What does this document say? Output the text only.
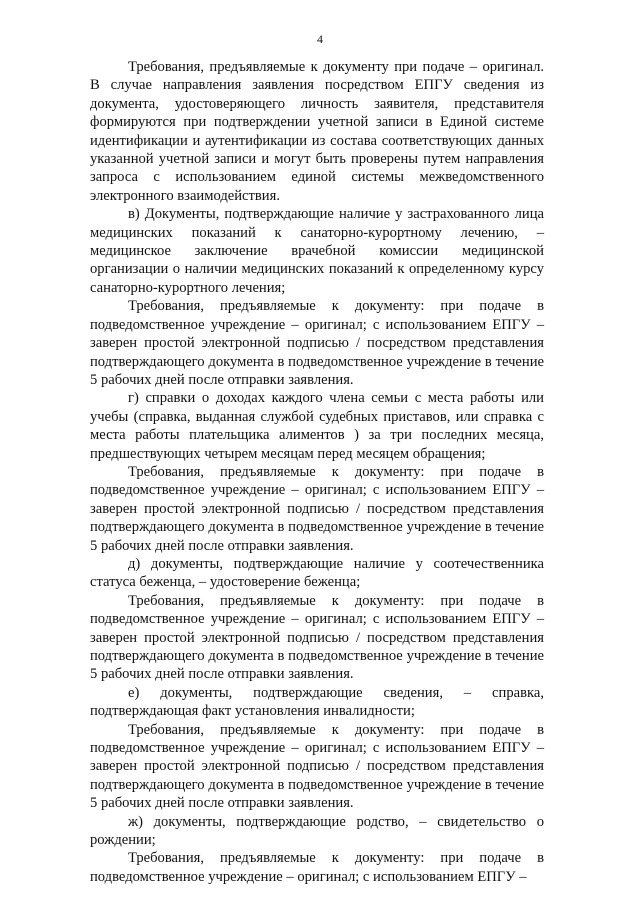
4

Требования, предъявляемые к документу при подаче – оригинал. В случае направления заявления посредством ЕПГУ сведения из документа, удостоверяющего личность заявителя, представителя формируются при подтверждении учетной записи в Единой системе идентификации и аутентификации из состава соответствующих данных указанной учетной записи и могут быть проверены путем направления запроса с использованием единой системы межведомственного электронного взаимодействия.

в) Документы, подтверждающие наличие у застрахованного лица медицинских показаний к санаторно-курортному лечению, – медицинское заключение врачебной комиссии медицинской организации о наличии медицинских показаний к определенному курсу санаторно-курортного лечения;

Требования, предъявляемые к документу: при подаче в подведомственное учреждение – оригинал; с использованием ЕПГУ – заверен простой электронной подписью / посредством представления подтверждающего документа в подведомственное учреждение в течение 5 рабочих дней после отправки заявления.

г) справки о доходах каждого члена семьи с места работы или учебы (справка, выданная службой судебных приставов, или справка с места работы плательщика алиментов ) за три последних месяца, предшествующих четырем месяцам перед месяцем обращения;

Требования, предъявляемые к документу: при подаче в подведомственное учреждение – оригинал; с использованием ЕПГУ – заверен простой электронной подписью / посредством представления подтверждающего документа в подведомственное учреждение в течение 5 рабочих дней после отправки заявления.

д) документы, подтверждающие наличие у соотечественника статуса беженца, – удостоверение беженца;

Требования, предъявляемые к документу: при подаче в подведомственное учреждение – оригинал; с использованием ЕПГУ – заверен простой электронной подписью / посредством представления подтверждающего документа в подведомственное учреждение в течение 5 рабочих дней после отправки заявления.

е) документы, подтверждающие сведения, – справка, подтверждающая факт установления инвалидности;

Требования, предъявляемые к документу: при подаче в подведомственное учреждение – оригинал; с использованием ЕПГУ – заверен простой электронной подписью / посредством представления подтверждающего документа в подведомственное учреждение в течение 5 рабочих дней после отправки заявления.

ж) документы, подтверждающие родство, – свидетельство о рождении;

Требования, предъявляемые к документу: при подаче в подведомственное учреждение – оригинал; с использованием ЕПГУ –
